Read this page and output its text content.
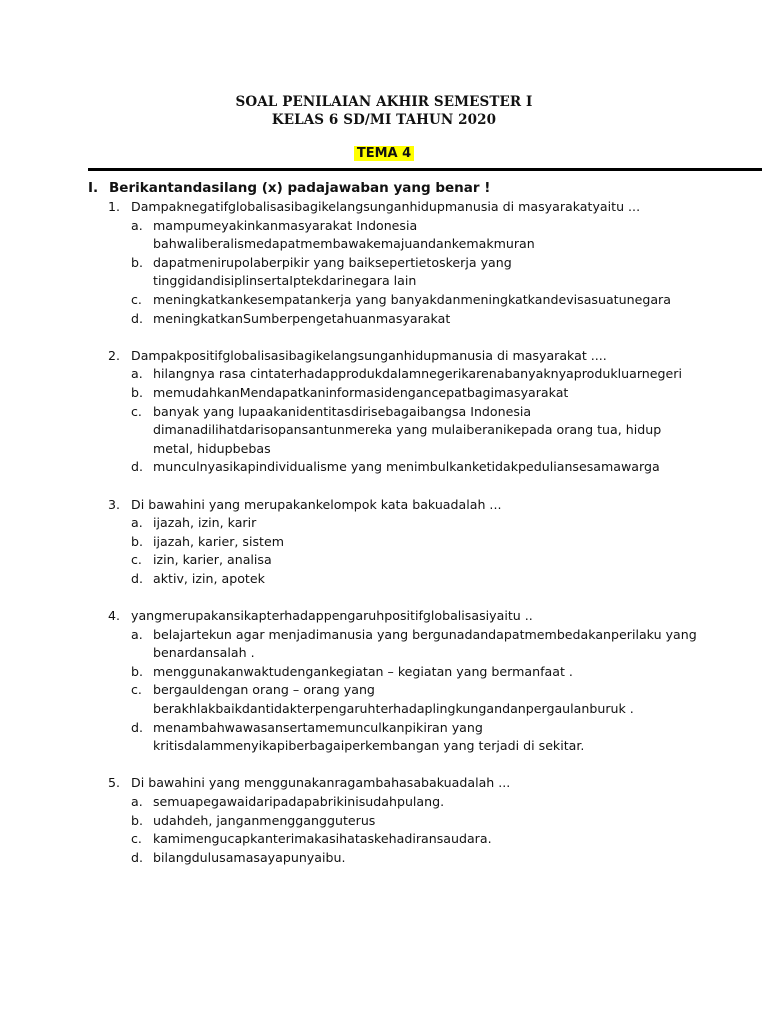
SOAL PENILAIAN AKHIR SEMESTER I
KELAS 6 SD/MI TAHUN 2020
TEMA 4
I. Berikantandasilang (x) padajawaban yang benar !
1. Dampaknegatifglobalisasibagikelangsunganhidupmanusia di masyarakatyaitu ...
a. mampumeyakinkanmasyarakat Indonesia
bahwaliberalismedapatmembawakemajuandankemakmuran
b. dapatmenirupolaberpikir yang baiksepertietoskerja yang
tinggidandisiplinsertaIptekdarinegara lain
c. meningkatkankesempatankerja yang banyakdanmeningkatkandevisasuatunegara
d. meningkatkanSumberpengetahuanmasyarakat
2. Dampakpositifglobalisasibagikelangsunganhidupmanusia di masyarakat ....
a. hilangnya rasa cintaterhadapprodukdalamnegerikarenabanyaknyaprodukluarnegeri
b. memudahkanMendapatkaninformasidengancepatbagimasyarakat
c. banyak yang lupaakanidentitasdirisebagaibangsa Indonesia
dimanadilihatdarisopansantunmereka yang mulaiberanikepada orang tua, hidup
metal, hidupbebas
d. munculnyasikapindividualisme yang menimbulkanketidakpeduliansesamawarga
3. Di bawahini yang merupakankelompok kata bakuadalah ...
a. ijazah, izin, karir
b. ijazah, karier, sistem
c. izin, karier, analisa
d. aktiv, izin, apotek
4. yangmerupakansikapterhadappengaruhpositifglobalisasiyaitu ..
a. belajartekun agar menjadimanusia yang bergunadandapatmembedakanperilaku yang
benardansalah .
b. menggunakanwaktudengankegiatan – kegiatan yang bermanfaat .
c. bergauldengan orang – orang yang
berakhlakbaikdantidakterpengaruhterhadaplingkungandanpergaulanburuk .
d. menambahwawasansertamemunculkanpikiran yang
kritisdalammenyikapiberbagaiperkembangan yang terjadi di sekitar.
5. Di bawahini yang menggunakanragambahasabakuadalah ...
a. semuapegawaidaripadapabrikinisudahpulang.
b. udahdeh, janganmenggangguterus
c. kamimengucapkanterimakasihataskehadiransaudara.
d. bilangdulusamasayapunyaibu.
